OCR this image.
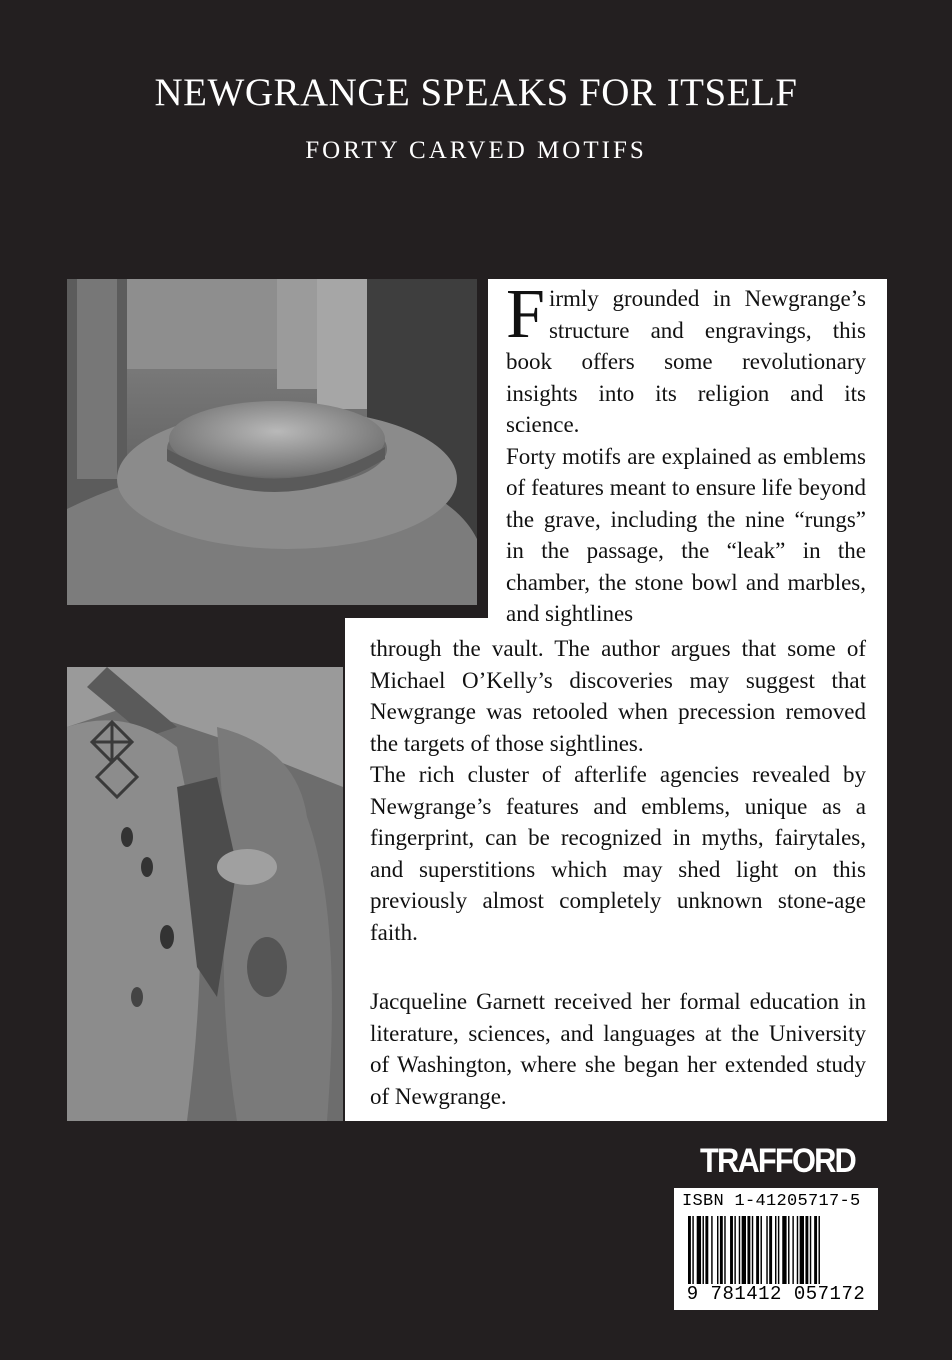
NEWGRANGE SPEAKS FOR ITSELF
FORTY CARVED MOTIFS
Firmly grounded in Newgrange’s structure and engravings, this book offers some revolutionary insights into its religion and its science.

Forty motifs are explained as emblems of features meant to ensure life beyond the grave, including the nine “rungs” in the passage, the “leak” in the chamber, the stone bowl and marbles, and sightlines

through the vault. The author argues that some of Michael O’Kelly’s discoveries may suggest that Newgrange was retooled when precession removed the targets of those sightlines.

The rich cluster of afterlife agencies revealed by Newgrange’s features and emblems, unique as a fingerprint, can be recognized in myths, fairytales, and superstitions which may shed light on this previously almost completely unknown stone-age faith.

Jacqueline Garnett received her formal education in literature, sciences, and languages at the University of Washington, where she began her extended study of Newgrange.
TRAFFORD
ISBN 1-41205717-5
9 781412 057172
